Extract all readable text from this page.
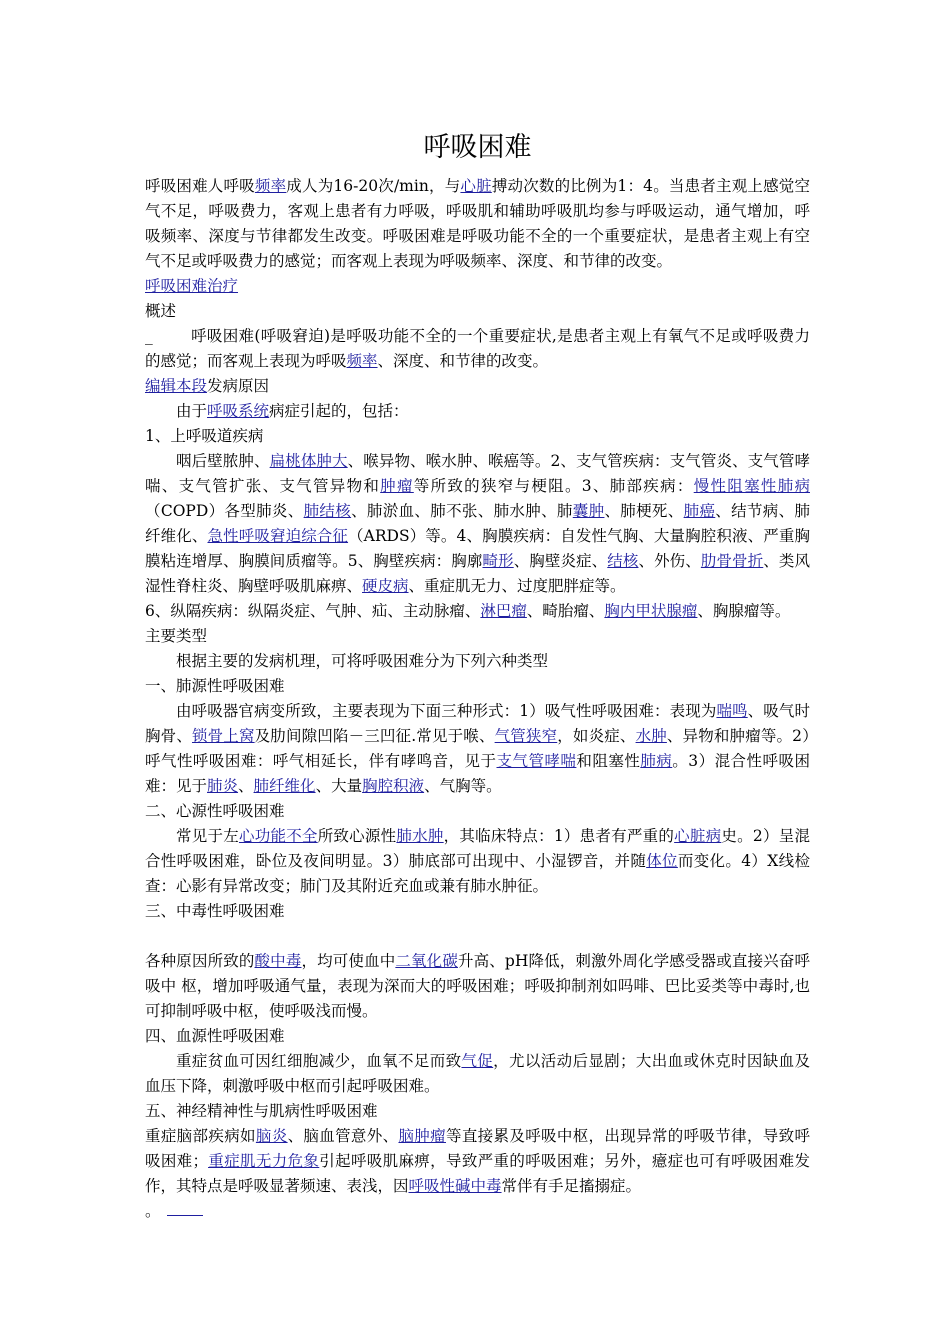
呼吸困难

呼吸困难人呼吸频率成人为16-20次/min，与心脏搏动次数的比例为1：4。当患者主观上感觉空气不足，呼吸费力，客观上患者有力呼吸，呼吸肌和辅助呼吸肌均参与呼吸运动，通气增加，呼吸频率、深度与节律都发生改变。呼吸困难是呼吸功能不全的一个重要症状，是患者主观上有空气不足或呼吸费力的感觉；而客观上表现为呼吸频率、深度、和节律的改变。

呼吸困难治疗

概述

_ 呼吸困难(呼吸窘迫)是呼吸功能不全的一个重要症状,是患者主观上有氧气不足或呼吸费力的感觉；而客观上表现为呼吸频率、深度、和节律的改变。

编辑本段发病原因

由于呼吸系统病症引起的，包括：

1、上呼吸道疾病

咽后壁脓肿、扁桃体肿大、喉异物、喉水肿、喉癌等。2、支气管疾病：支气管炎、支气管哮喘、支气管扩张、支气管异物和肿瘤等所致的狭窄与梗阻。3、肺部疾病：慢性阻塞性肺病（COPD）各型肺炎、肺结核、肺淤血、肺不张、肺水肿、肺囊肿、肺梗死、肺癌、结节病、肺纤维化、急性呼吸窘迫综合征（ARDS）等。4、胸膜疾病：自发性气胸、大量胸腔积液、严重胸膜粘连增厚、胸膜间质瘤等。5、胸壁疾病：胸廓畸形、胸壁炎症、结核、外伤、肋骨骨折、类风湿性脊柱炎、胸壁呼吸肌麻痹、硬皮病、重症肌无力、过度肥胖症等。

6、纵隔疾病：纵隔炎症、气肿、疝、主动脉瘤、淋巴瘤、畸胎瘤、胸内甲状腺瘤、胸腺瘤等。

主要类型

根据主要的发病机理，可将呼吸困难分为下列六种类型

一、肺源性呼吸困难

由呼吸器官病变所致，主要表现为下面三种形式：1）吸气性呼吸困难：表现为喘鸣、吸气时胸骨、锁骨上窝及肋间隙凹陷－三凹征.常见于喉、气管狭窄，如炎症、水肿、异物和肿瘤等。2）呼气性呼吸困难：呼气相延长，伴有哮鸣音，见于支气管哮喘和阻塞性肺病。3）混合性呼吸困难：见于肺炎、肺纤维化、大量胸腔积液、气胸等。

二、心源性呼吸困难

常见于左心功能不全所致心源性肺水肿，其临床特点：1）患者有严重的心脏病史。2）呈混合性呼吸困难，卧位及夜间明显。3）肺底部可出现中、小湿锣音，并随体位而变化。4）X线检查：心影有异常改变；肺门及其附近充血或兼有肺水肿征。

三、中毒性呼吸困难

各种原因所致的酸中毒，均可使血中二氧化碳升高、pH降低，刺激外周化学感受器或直接兴奋呼吸中 枢，增加呼吸通气量，表现为深而大的呼吸困难；呼吸抑制剂如吗啡、巴比妥类等中毒时,也可抑制呼吸中枢，使呼吸浅而慢。

四、血源性呼吸困难

重症贫血可因红细胞减少，血氧不足而致气促，尤以活动后显剧；大出血或休克时因缺血及血压下降，刺激呼吸中枢而引起呼吸困难。

五、神经精神性与肌病性呼吸困难

重症脑部疾病如脑炎、脑血管意外、脑肿瘤等直接累及呼吸中枢，出现异常的呼吸节律，导致呼吸困难；重症肌无力危象引起呼吸肌麻痹，导致严重的呼吸困难；另外，癔症也可有呼吸困难发作，其特点是呼吸显著频速、表浅，因呼吸性碱中毒常伴有手足搐搦症。

。
